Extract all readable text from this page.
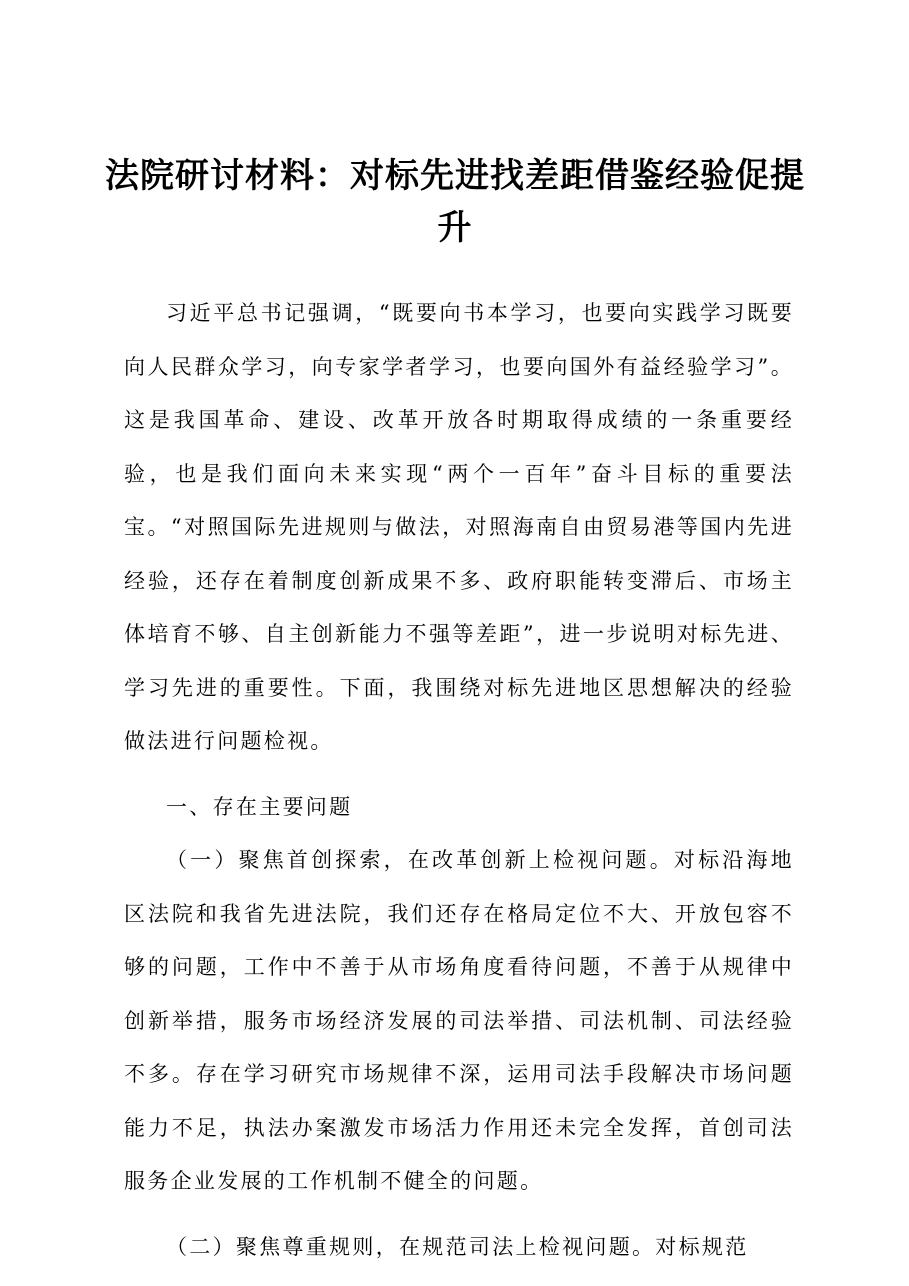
法院研讨材料：对标先进找差距借鉴经验促提升

习近平总书记强调，“既要向书本学习，也要向实践学习既要向人民群众学习，向专家学者学习，也要向国外有益经验学习”。这是我国革命、建设、改革开放各时期取得成绩的一条重要经验，也是我们面向未来实现“两个一百年”奋斗目标的重要法宝。“对照国际先进规则与做法，对照海南自由贸易港等国内先进经验，还存在着制度创新成果不多、政府职能转变滞后、市场主体培育不够、自主创新能力不强等差距”，进一步说明对标先进、学习先进的重要性。下面，我围绕对标先进地区思想解决的经验做法进行问题检视。

一、存在主要问题

（一）聚焦首创探索，在改革创新上检视问题。对标沿海地区法院和我省先进法院，我们还存在格局定位不大、开放包容不够的问题，工作中不善于从市场角度看待问题，不善于从规律中创新举措，服务市场经济发展的司法举措、司法机制、司法经验不多。存在学习研究市场规律不深，运用司法手段解决市场问题能力不足，执法办案激发市场活力作用还未完全发挥，首创司法服务企业发展的工作机制不健全的问题。

（二）聚焦尊重规则，在规范司法上检视问题。对标规范
